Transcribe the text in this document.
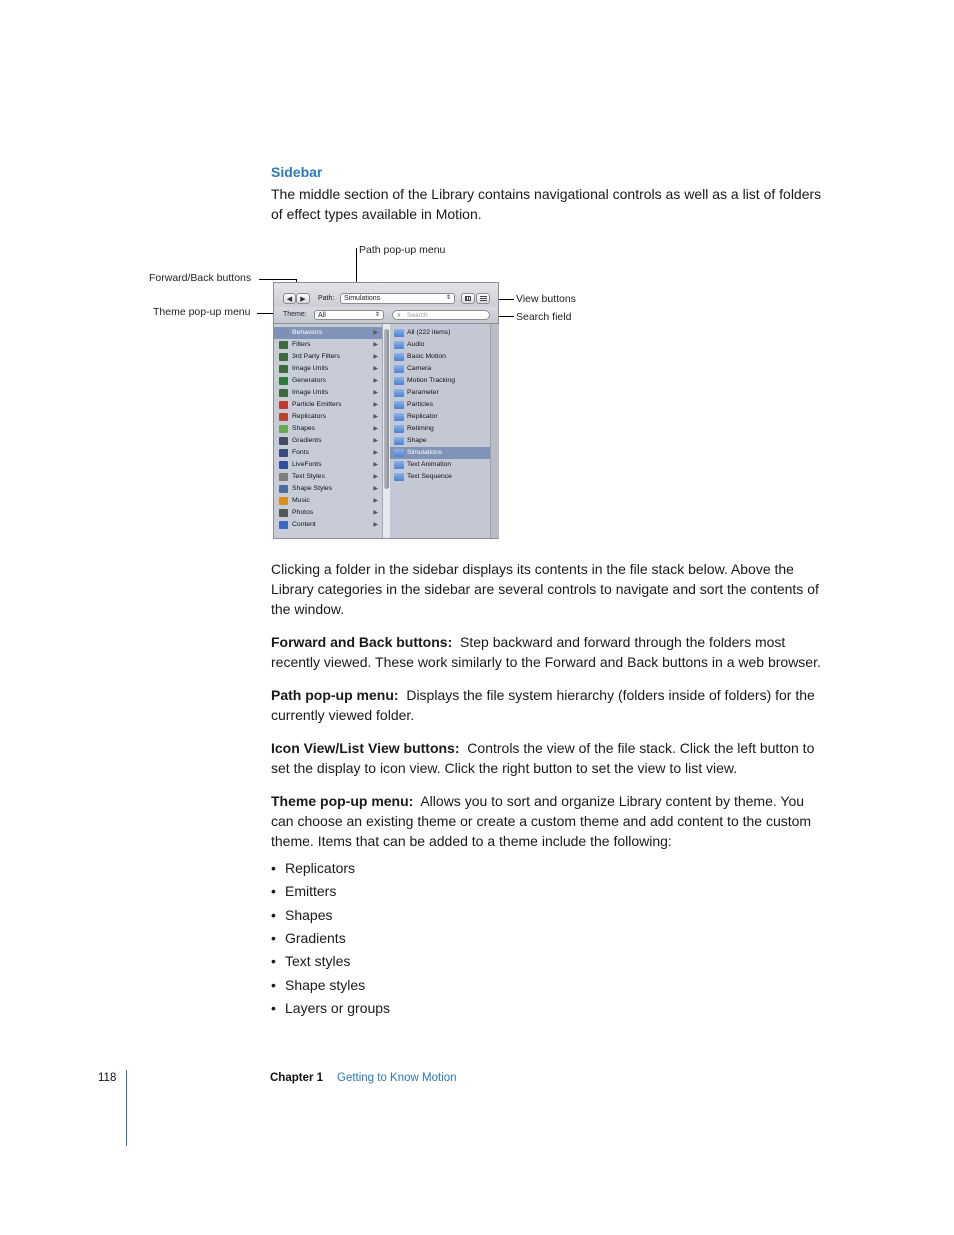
Sidebar
The middle section of the Library contains navigational controls as well as a list of folders of effect types available in Motion.
Path pop-up menu
Forward/Back buttons
Theme pop-up menu
View buttons
Search field
◀ ▶ Path:	Simulations	⇕
Theme:	All	⇕ ⌕ Search
Behaviors	▶
Filters	▶
3rd Party Filters	▶
Image Units	▶
Generators	▶
Image Units	▶
Particle Emitters	▶
Replicators	▶
Shapes	▶
Gradients	▶
Fonts	▶
LiveFonts	▶
Text Styles	▶
Shape Styles	▶
Music	▶
Photos	▶
Content	▶
All (222 items)
Audio
Basic Motion
Camera
Motion Tracking
Parameter
Particles
Replicator
Retiming
Shape
Simulations
Text Animation
Text Sequence
Clicking a folder in the sidebar displays its contents in the file stack below. Above the Library categories in the sidebar are several controls to navigate and sort the contents of the window.
Forward and Back buttons: Step backward and forward through the folders most recently viewed. These work similarly to the Forward and Back buttons in a web browser.
Path pop-up menu: Displays the file system hierarchy (folders inside of folders) for the currently viewed folder.
Icon View/List View buttons: Controls the view of the file stack. Click the left button to set the display to icon view. Click the right button to set the view to list view.
Theme pop-up menu: Allows you to sort and organize Library content by theme. You can choose an existing theme or create a custom theme and add content to the custom theme. Items that can be added to a theme include the following:
• Replicators
• Emitters
• Shapes
• Gradients
• Text styles
• Shape styles
• Layers or groups
118	Chapter 1 Getting to Know Motion
